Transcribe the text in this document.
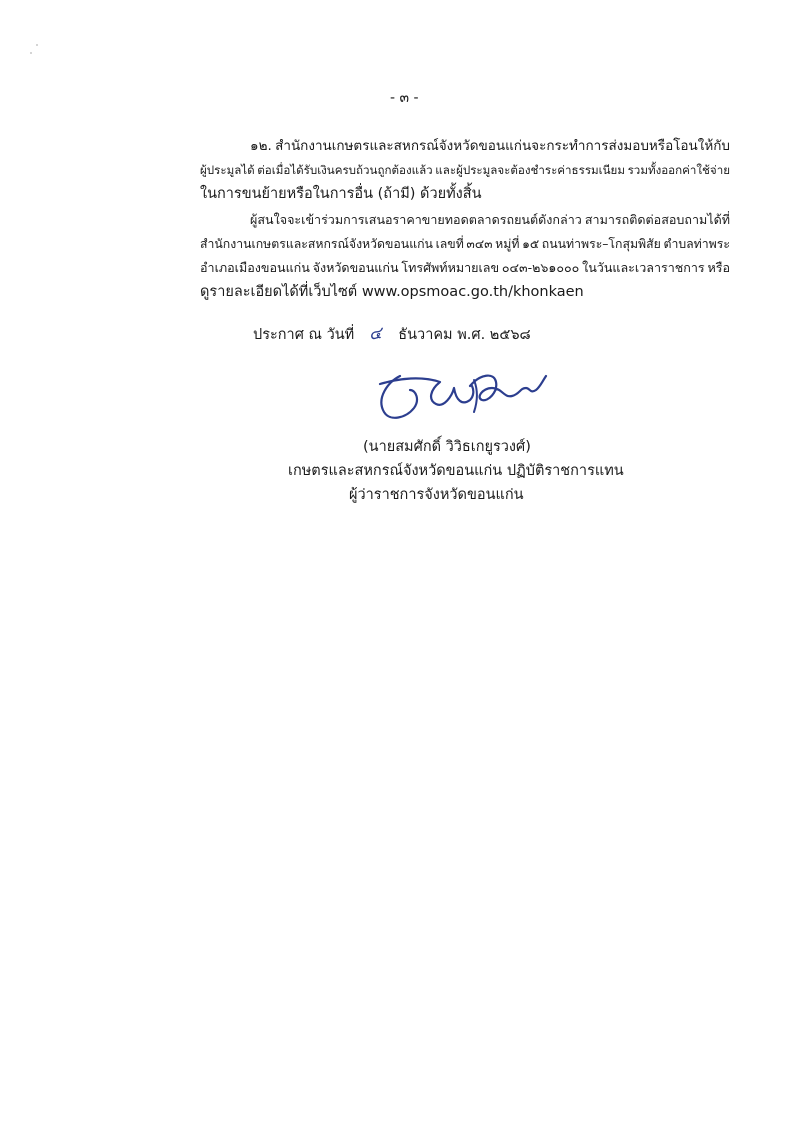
- ๓ -
๑๒. สำนักงานเกษตรและสหกรณ์จังหวัดขอนแก่นจะกระทำการส่งมอบหรือโอนให้กับ
ผู้ประมูลได้ ต่อเมื่อได้รับเงินครบถ้วนถูกต้องแล้ว และผู้ประมูลจะต้องชำระค่าธรรมเนียม รวมทั้งออกค่าใช้จ่าย
ในการขนย้ายหรือในการอื่น (ถ้ามี) ด้วยทั้งสิ้น
ผู้สนใจจะเข้าร่วมการเสนอราคาขายทอดตลาดรถยนต์ดังกล่าว สามารถติดต่อสอบถามได้ที่
สำนักงานเกษตรและสหกรณ์จังหวัดขอนแก่น เลขที่ ๓๔๓ หมู่ที่ ๑๕ ถนนท่าพระ–โกสุมพิสัย ตำบลท่าพระ
อำเภอเมืองขอนแก่น จังหวัดขอนแก่น โทรศัพท์หมายเลข ๐๔๓-๒๖๑๐๐๐ ในวันและเวลาราชการ หรือ
ดูรายละเอียดได้ที่เว็บไซต์ www.opsmoac.go.th/khonkaen
ประกาศ ณ วันที่ ๔ ธันวาคม พ.ศ. ๒๕๖๘
(นายสมศักดิ์ วิวิธเกยูรวงศ์)
เกษตรและสหกรณ์จังหวัดขอนแก่น ปฏิบัติราชการแทน
ผู้ว่าราชการจังหวัดขอนแก่น
